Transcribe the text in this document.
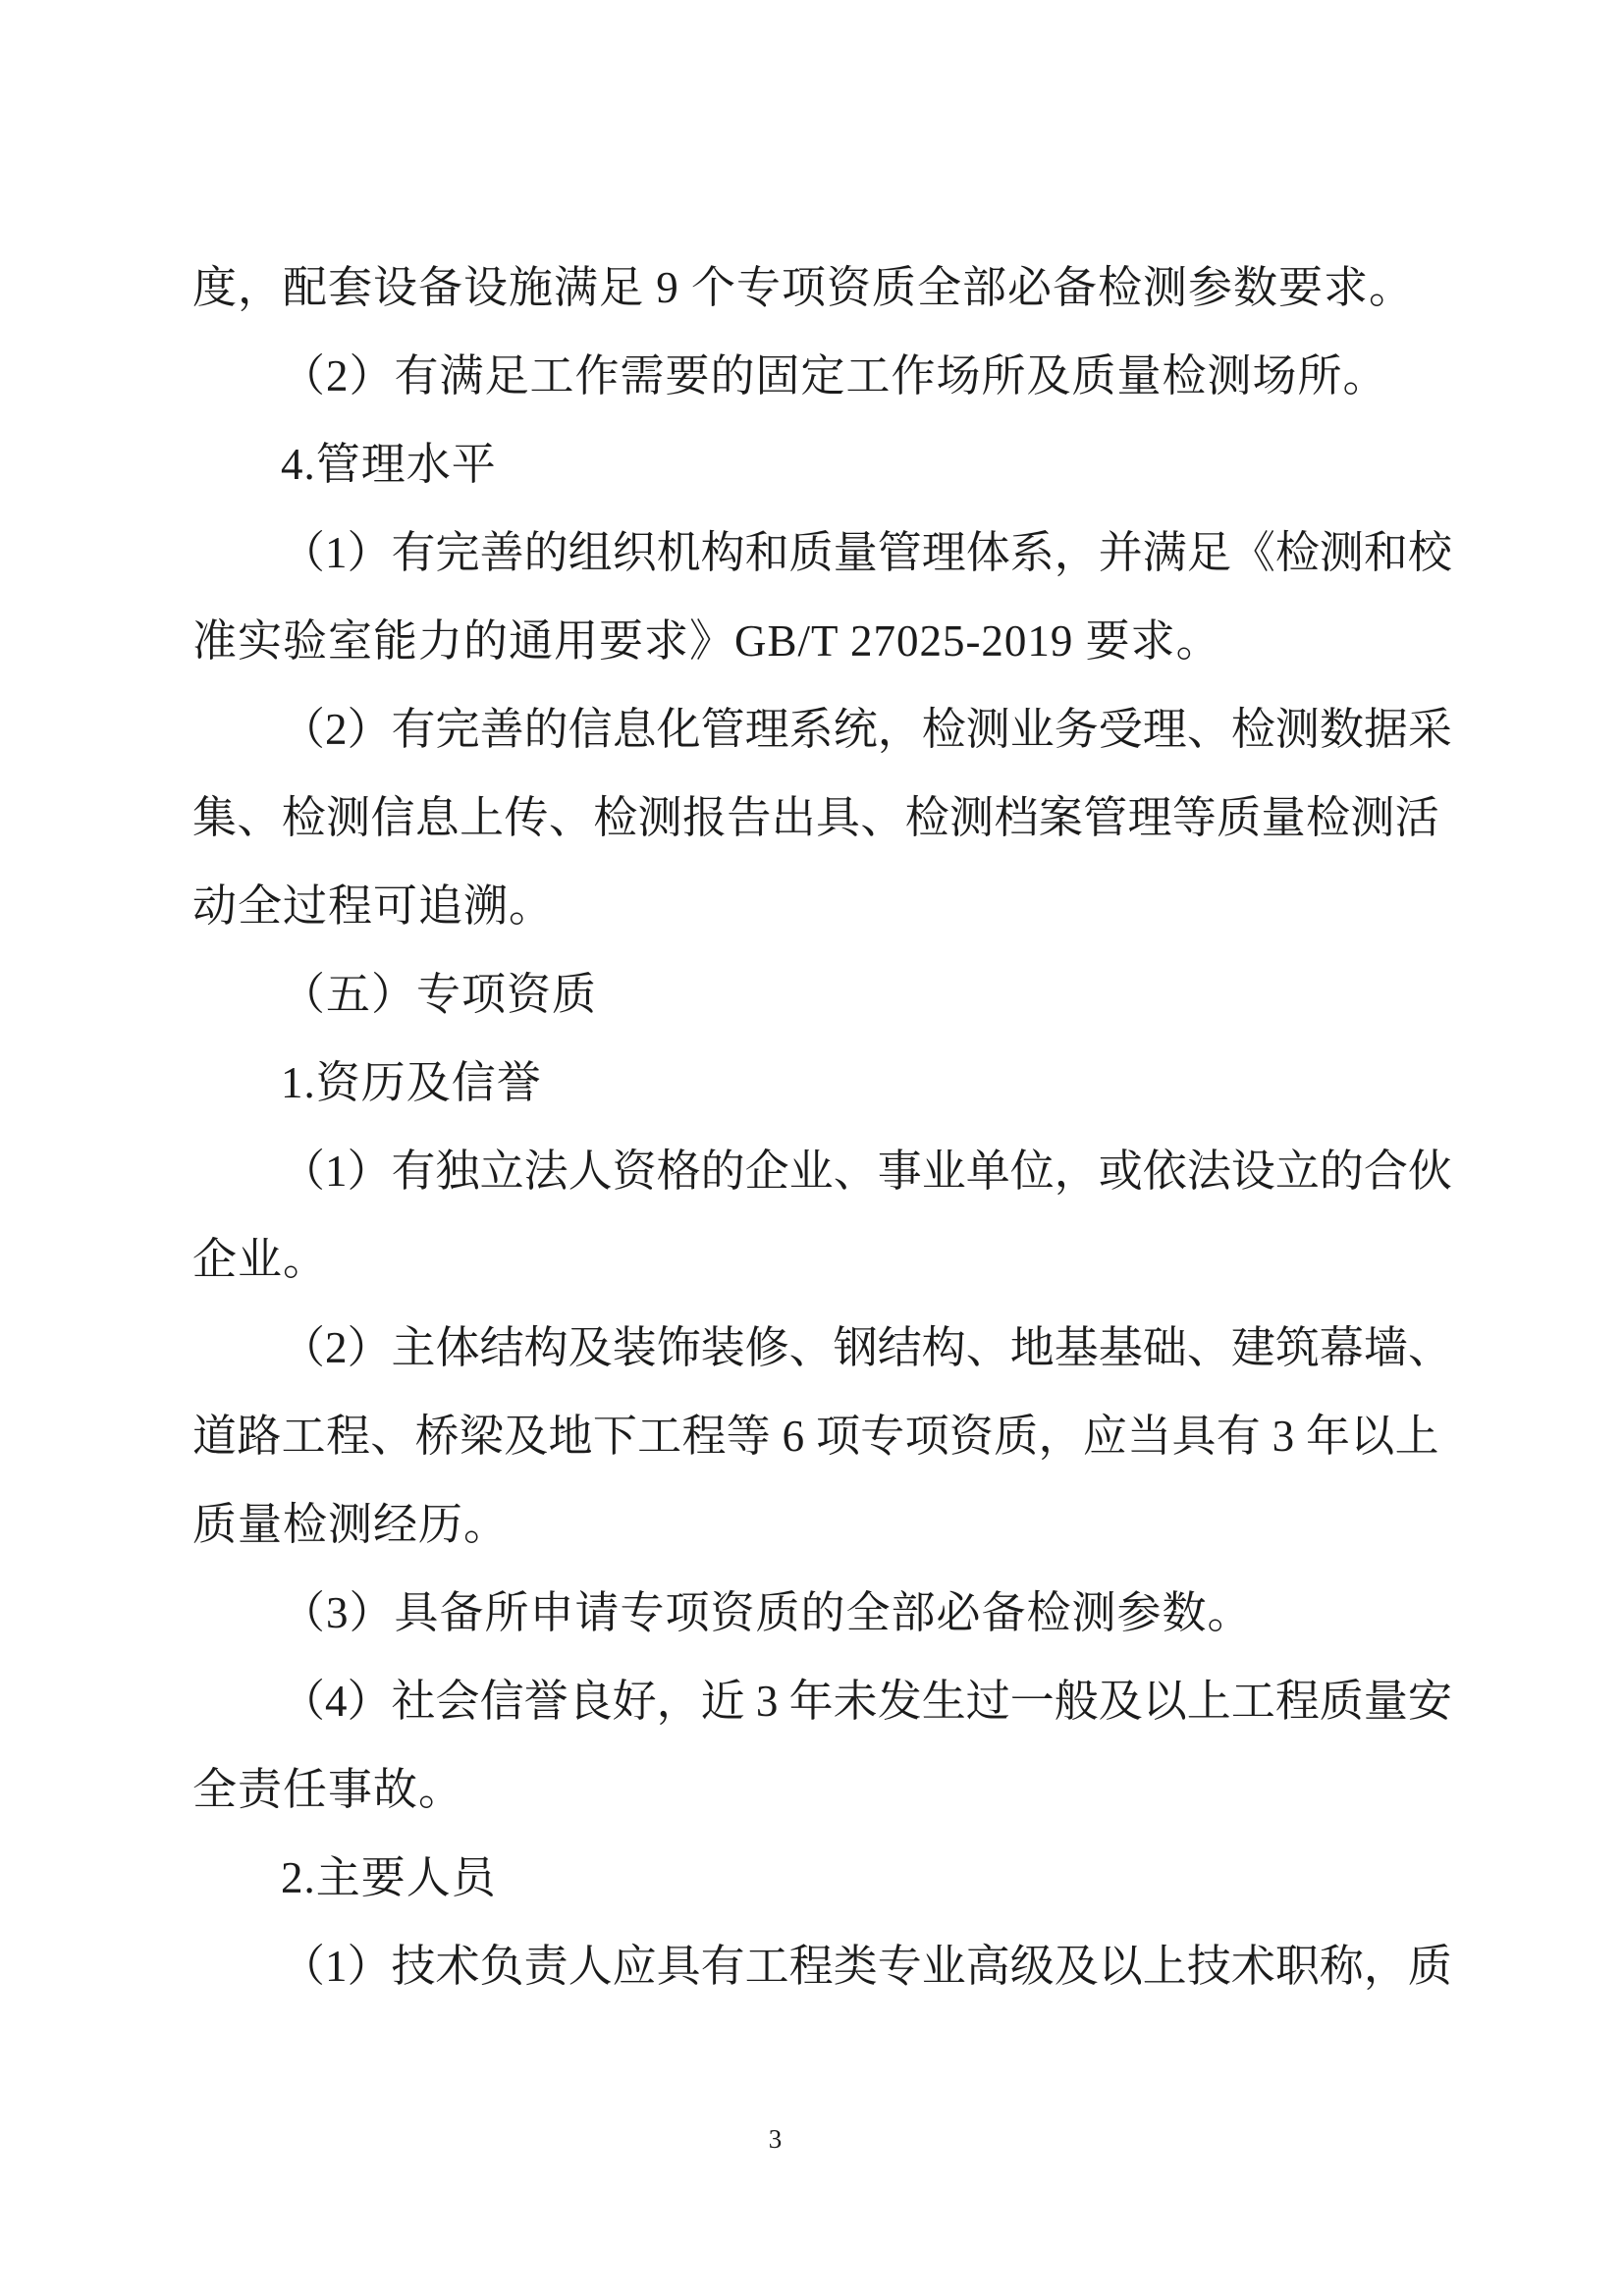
度，配套设备设施满足 9 个专项资质全部必备检测参数要求。
（2）有满足工作需要的固定工作场所及质量检测场所。
4.管理水平
（ 1 ） 有 完 善 的 组 织 机 构 和 质 量 管 理 体 系 ， 并 满 足 《 检 测 和 校
准实验室能力的通用要求》GB/T 27025-2019 要求。
（ 2 ） 有 完 善 的 信 息 化 管 理 系 统 ， 检 测 业 务 受 理 、 检 测 数 据 采
集 、 检 测 信 息 上 传 、 检 测 报 告 出 具 、 检 测 档 案 管 理 等 质 量 检 测 活
动全过程可追溯。
（五）专项资质
1.资历及信誉
（ 1 ） 有 独 立 法 人 资 格 的 企 业 、 事 业 单 位 ， 或 依 法 设 立 的 合 伙
企业。
（ 2 ） 主 体 结 构 及 装 饰 装 修 、 钢 结 构 、 地 基 基 础 、 建 筑 幕 墙 、
道 路 工 程 、 桥 梁 及 地 下 工 程 等
6
项 专 项 资 质 ， 应 当 具 有
3
年 以 上
质量检测经历。
（3）具备所申请专项资质的全部必备检测参数。
（ 4 ） 社 会 信 誉 良 好 ， 近
3
年 未 发 生 过 一 般 及 以 上 工 程 质 量 安
全责任事故。
2.主要人员
（ 1 ） 技 术 负 责 人 应 具 有 工 程 类 专 业 高 级 及 以 上 技 术 职 称 ， 质
3
